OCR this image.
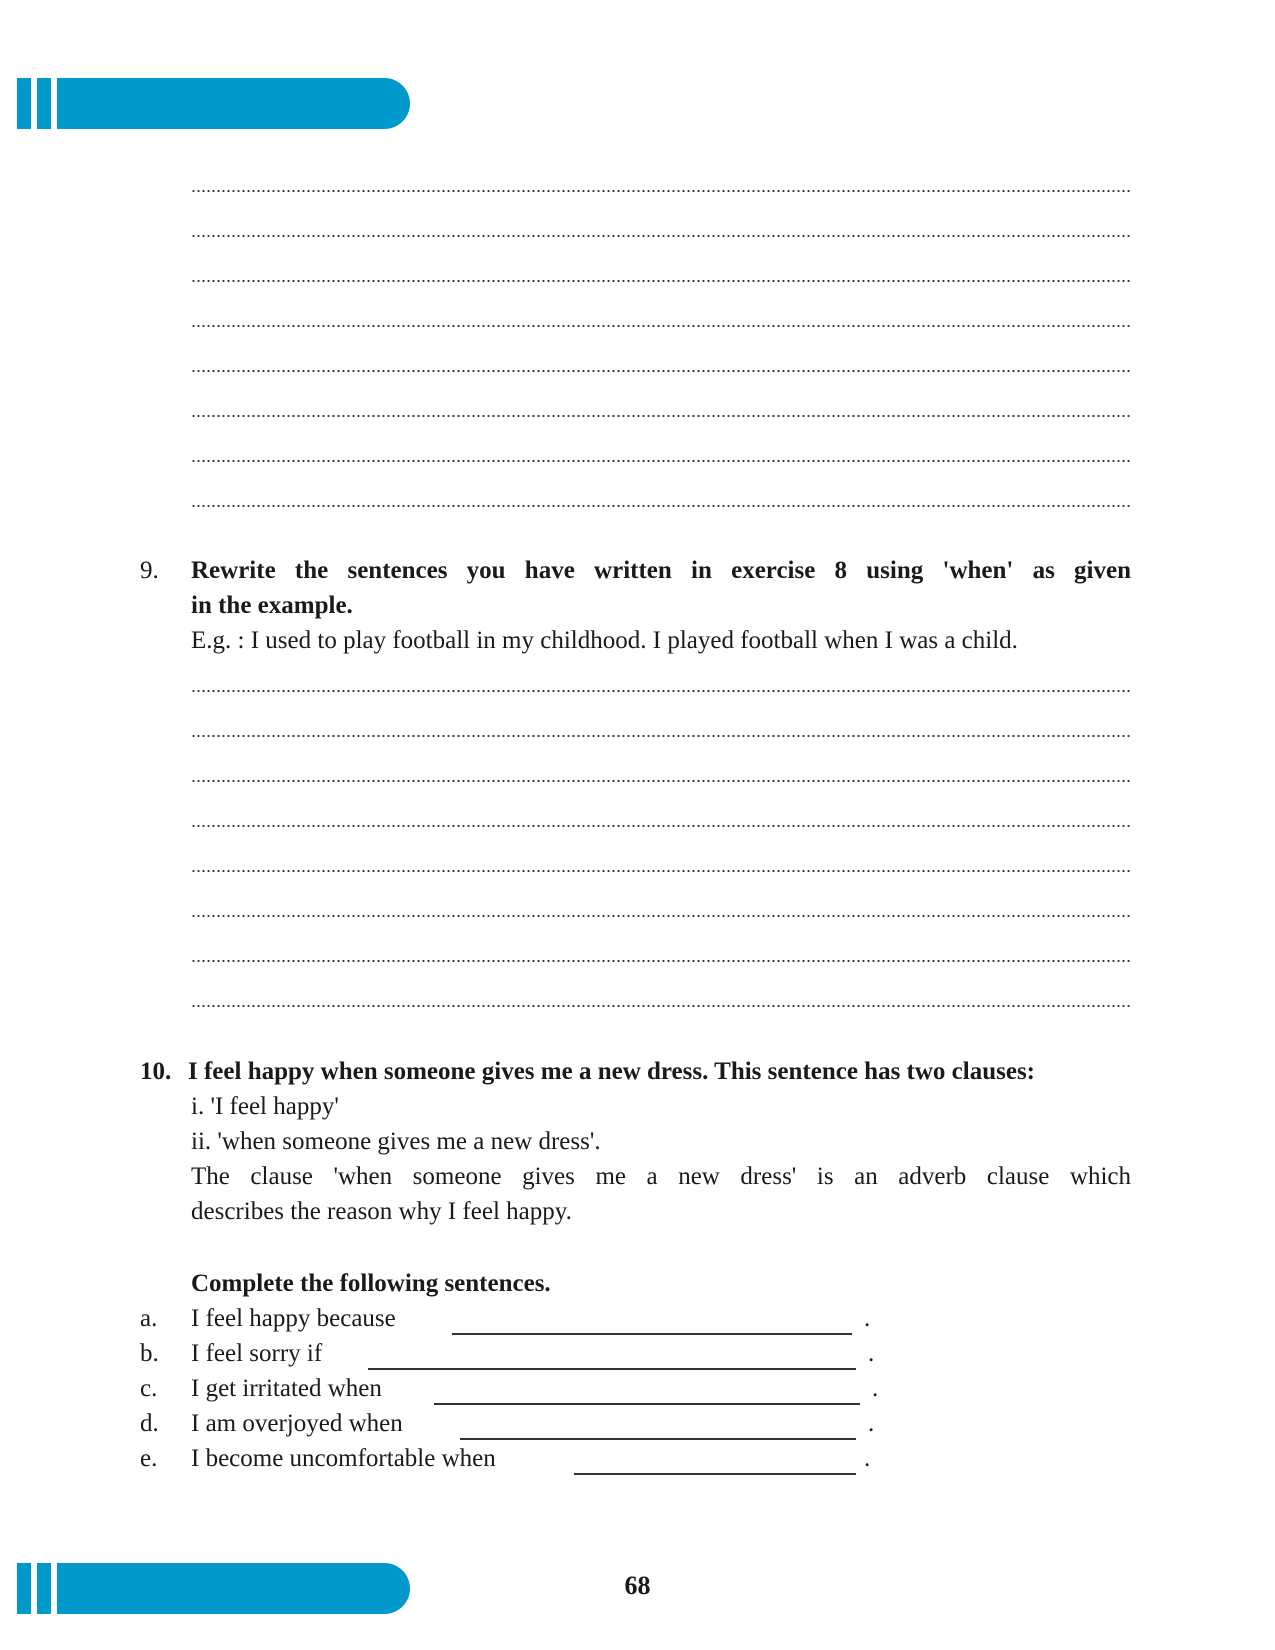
9. Rewrite the sentences you have written in exercise 8 using 'when' as given

in the example.

E.g. : I used to play football in my childhood. I played football when I was a child.

10. I feel happy when someone gives me a new dress. This sentence has two clauses:

i. 'I feel happy'

ii. 'when someone gives me a new dress'.

The clause 'when someone gives me a new dress' is an adverb clause which

describes the reason why I feel happy.

Complete the following sentences.

a. I feel happy because	.

b. I feel sorry if	.

c. I get irritated when	.

d. I am overjoyed when	.

e. I become uncomfortable when	.

68
